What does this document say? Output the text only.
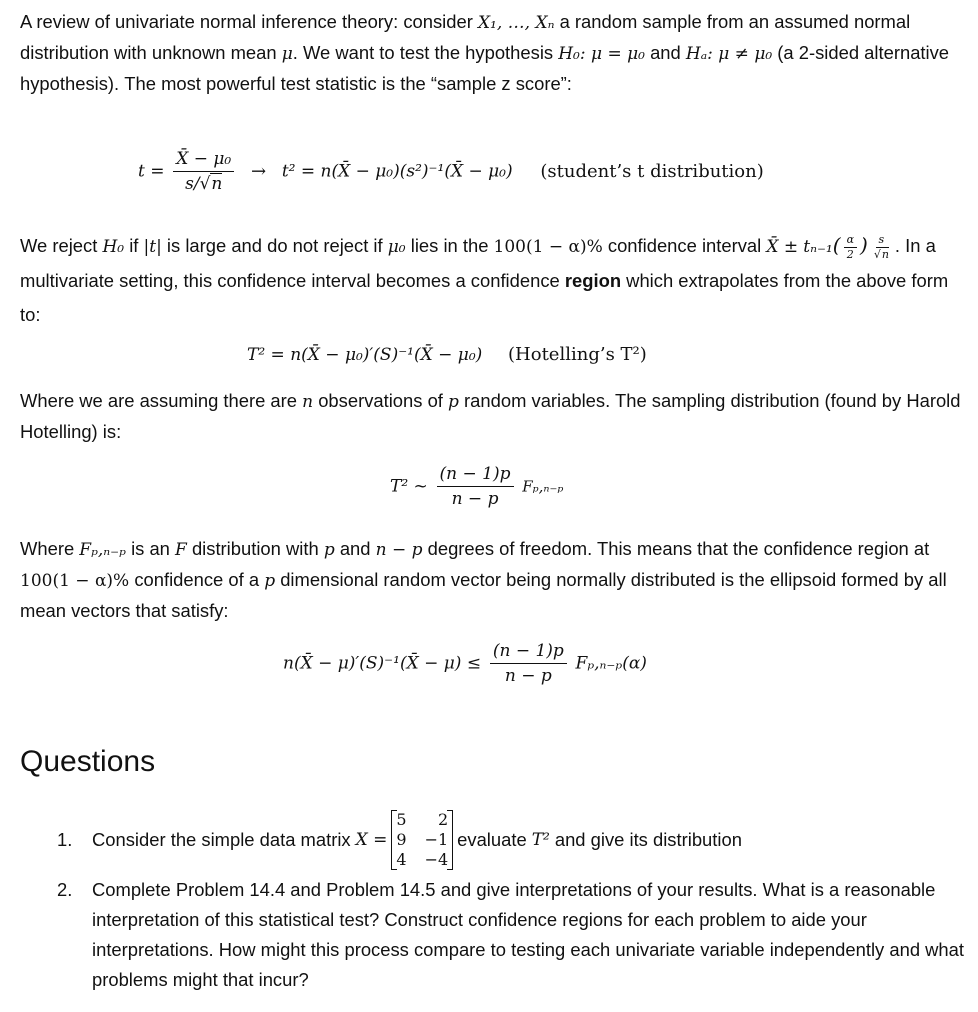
A review of univariate normal inference theory: consider X₁, …, Xₙ a random sample from an assumed normal distribution with unknown mean μ. We want to test the hypothesis H₀: μ = μ₀ and Hₐ: μ ≠ μ₀ (a 2-sided alternative hypothesis). The most powerful test statistic is the “sample z score”:

$t = \frac{\text{X̄ − μ₀}}{s/√n} \to t^2$ = n(X̄ − μ₀)(s²)⁻¹(X̄ − μ₀) (student’s t distribution)

We reject H₀ if |t| is large and do not reject if μ₀ lies in the 100(1 − α)% confidence interval X̄ ± $t_{n-1}( \frac{\alpha}{2}$ ) $\frac{s}{√n}$ . In a multivariate setting, this confidence interval becomes a confidence region which extrapolates from the above form to:

T² = n(X̄ − μ₀)′(S)⁻¹(X̄ − μ₀) (Hotelling’s T²)

Where we are assuming there are n observations of p random variables. The sampling distribution (found by Harold Hotelling) is:

T² ~ $\frac{(n - 1)p}{n - p} F_p,_{n-p}$

Where Fₚ,ₙ₋ₚ is an F distribution with p and n − p degrees of freedom. This means that the confidence region at 100(1 − α)% confidence of a p dimensional random vector being normally distributed is the ellipsoid formed by all mean vectors that satisfy:

n(X̄ − μ)′(S)⁻¹(X̄ − $\mu) \le \frac{(n - 1)p}{n - p} F_p,_{n-p}(\alpha)$
Questions
1. Consider the simple data matrix X =
5
9
4
2
−1
−4
evaluate T² and give its distribution
2. Complete Problem 14.4 and Problem 14.5 and give interpretations of your results. What is a reasonable interpretation of this statistical test? Construct confidence regions for each problem to aide your interpretations. How might this process compare to testing each univariate variable independently and what problems might that incur?
